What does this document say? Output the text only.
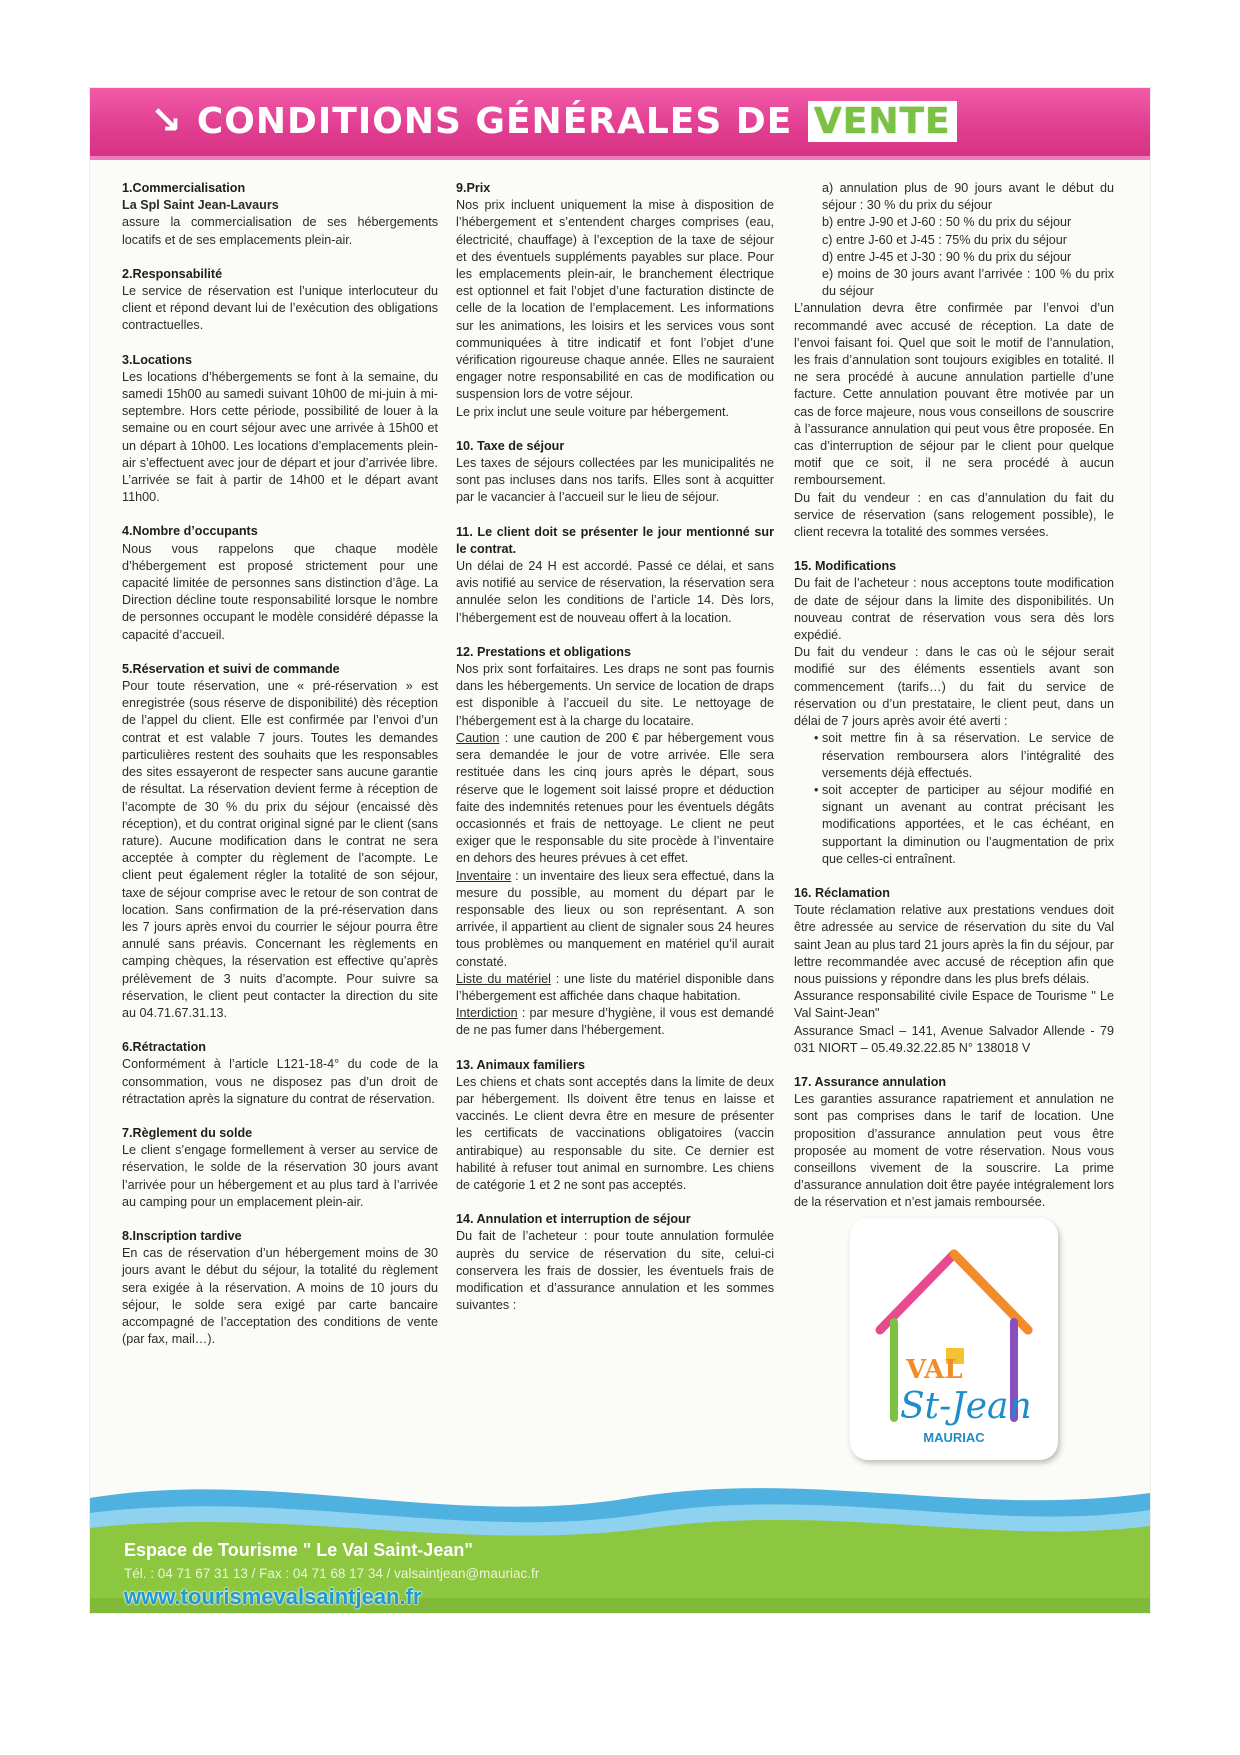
↘ CONDITIONS GÉNÉRALES DE VENTE

1.Commercialisation

La Spl Saint Jean-Lavaurs

assure la commercialisation de ses hébergements locatifs et de ses emplacements plein-air.

2.Responsabilité

Le service de réservation est l’unique interlocuteur du client et répond devant lui de l’exécution des obligations contractuelles.

3.Locations

Les locations d’hébergements se font à la semaine, du samedi 15h00 au samedi suivant 10h00 de mi-juin à mi-septembre. Hors cette période, possibilité de louer à la semaine ou en court séjour avec une arrivée à 15h00 et un départ à 10h00. Les locations d’emplacements plein-air s’effectuent avec jour de départ et jour d’arrivée libre. L’arrivée se fait à partir de 14h00 et le départ avant 11h00.

4.Nombre d’occupants

Nous vous rappelons que chaque modèle d’hébergement est proposé strictement pour une capacité limitée de personnes sans distinction d’âge. La Direction décline toute responsabilité lorsque le nombre de personnes occupant le modèle considéré dépasse la capacité d’accueil.

5.Réservation et suivi de commande

Pour toute réservation, une « pré-réservation » est enregistrée (sous réserve de disponibilité) dès réception de l’appel du client. Elle est confirmée par l’envoi d’un contrat et est valable 7 jours. Toutes les demandes particulières restent des souhaits que les responsables des sites essayeront de respecter sans aucune garantie de résultat. La réservation devient ferme à réception de l’acompte de 30 % du prix du séjour (encaissé dès réception), et du contrat original signé par le client (sans rature). Aucune modification dans le contrat ne sera acceptée à compter du règlement de l’acompte. Le client peut également régler la totalité de son séjour, taxe de séjour comprise avec le retour de son contrat de location. Sans confirmation de la pré-réservation dans les 7 jours après envoi du courrier le séjour pourra être annulé sans préavis. Concernant les règlements en camping chèques, la réservation est effective qu’après prélèvement de 3 nuits d’acompte. Pour suivre sa réservation, le client peut contacter la direction du site au 04.71.67.31.13.

6.Rétractation

Conformément à l’article L121-18-4° du code de la consommation, vous ne disposez pas d’un droit de rétractation après la signature du contrat de réservation.

7.Règlement du solde

Le client s’engage formellement à verser au service de réservation, le solde de la réservation 30 jours avant l’arrivée pour un hébergement et au plus tard à l’arrivée au camping pour un emplacement plein-air.

8.Inscription tardive

En cas de réservation d’un hébergement moins de 30 jours avant le début du séjour, la totalité du règlement sera exigée à la réservation. A moins de 10 jours du séjour, le solde sera exigé par carte bancaire accompagné de l’acceptation des conditions de vente (par fax, mail…).

9.Prix

Nos prix incluent uniquement la mise à disposition de l’hébergement et s’entendent charges comprises (eau, électricité, chauffage) à l’exception de la taxe de séjour et des éventuels suppléments payables sur place. Pour les emplacements plein-air, le branchement électrique est optionnel et fait l’objet d’une facturation distincte de celle de la location de l’emplacement. Les informations sur les animations, les loisirs et les services vous sont communiquées à titre indicatif et font l’objet d’une vérification rigoureuse chaque année. Elles ne sauraient engager notre responsabilité en cas de modification ou suspension lors de votre séjour.

Le prix inclut une seule voiture par hébergement.

10. Taxe de séjour

Les taxes de séjours collectées par les municipalités ne sont pas incluses dans nos tarifs. Elles sont à acquitter par le vacancier à l’accueil sur le lieu de séjour.

11. Le client doit se présenter le jour mentionné sur le contrat.

Un délai de 24 H est accordé. Passé ce délai, et sans avis notifié au service de réservation, la réservation sera annulée selon les conditions de l’article 14. Dès lors, l’hébergement est de nouveau offert à la location.

12. Prestations et obligations

Nos prix sont forfaitaires. Les draps ne sont pas fournis dans les hébergements. Un service de location de draps est disponible à l’accueil du site. Le nettoyage de l’hébergement est à la charge du locataire.

Caution : une caution de 200 € par hébergement vous sera demandée le jour de votre arrivée. Elle sera restituée dans les cinq jours après le départ, sous réserve que le logement soit laissé propre et déduction faite des indemnités retenues pour les éventuels dégâts occasionnés et frais de nettoyage. Le client ne peut exiger que le responsable du site procède à l’inventaire en dehors des heures prévues à cet effet.

Inventaire : un inventaire des lieux sera effectué, dans la mesure du possible, au moment du départ par le responsable des lieux ou son représentant. A son arrivée, il appartient au client de signaler sous 24 heures tous problèmes ou manquement en matériel qu’il aurait constaté.

Liste du matériel : une liste du matériel disponible dans l’hébergement est affichée dans chaque habitation.

Interdiction : par mesure d’hygiène, il vous est demandé de ne pas fumer dans l’hébergement.

13. Animaux familiers

Les chiens et chats sont acceptés dans la limite de deux par hébergement. Ils doivent être tenus en laisse et vaccinés. Le client devra être en mesure de présenter les certificats de vaccinations obligatoires (vaccin antirabique) au responsable du site. Ce dernier est habilité à refuser tout animal en surnombre. Les chiens de catégorie 1 et 2 ne sont pas acceptés.

14. Annulation et interruption de séjour

Du fait de l’acheteur : pour toute annulation formulée auprès du service de réservation du site, celui-ci conservera les frais de dossier, les éventuels frais de modification et d’assurance annulation et les sommes suivantes :

a) annulation plus de 90 jours avant le début du séjour : 30 % du prix du séjour

b) entre J-90 et J-60 : 50 % du prix du séjour

c) entre J-60 et J-45 : 75% du prix du séjour

d) entre J-45 et J-30 : 90 % du prix du séjour

e) moins de 30 jours avant l’arrivée : 100 % du prix du séjour

L’annulation devra être confirmée par l’envoi d’un recommandé avec accusé de réception. La date de l’envoi faisant foi. Quel que soit le motif de l’annulation, les frais d’annulation sont toujours exigibles en totalité. Il ne sera procédé à aucune annulation partielle d’une facture. Cette annulation pouvant être motivée par un cas de force majeure, nous vous conseillons de souscrire à l’assurance annulation qui peut vous être proposée. En cas d’interruption de séjour par le client pour quelque motif que ce soit, il ne sera procédé à aucun remboursement.

Du fait du vendeur : en cas d’annulation du fait du service de réservation (sans relogement possible), le client recevra la totalité des sommes versées.

15. Modifications

Du fait de l’acheteur : nous acceptons toute modification de date de séjour dans la limite des disponibilités. Un nouveau contrat de réservation vous sera dès lors expédié.

Du fait du vendeur : dans le cas où le séjour serait modifié sur des éléments essentiels avant son commencement (tarifs…) du fait du service de réservation ou d’un prestataire, le client peut, dans un délai de 7 jours après avoir été averti :

• soit mettre fin à sa réservation. Le service de réservation remboursera alors l’intégralité des versements déjà effectués.

• soit accepter de participer au séjour modifié en signant un avenant au contrat précisant les modifications apportées, et le cas échéant, en supportant la diminution ou l’augmentation de prix que celles-ci entraînent.

16. Réclamation

Toute réclamation relative aux prestations vendues doit être adressée au service de réservation du site du Val saint Jean au plus tard 21 jours après la fin du séjour, par lettre recommandée avec accusé de réception afin que nous puissions y répondre dans les plus brefs délais.

Assurance responsabilité civile Espace de Tourisme " Le Val Saint-Jean"

Assurance Smacl – 141, Avenue Salvador Allende - 79 031 NIORT – 05.49.32.22.85 N° 138018 V

17. Assurance annulation

Les garanties assurance rapatriement et annulation ne sont pas comprises dans le tarif de location. Une proposition d’assurance annulation peut vous être proposée au moment de votre réservation. Nous vous conseillons vivement de la souscrire. La prime d’assurance annulation doit être payée intégralement lors de la réservation et n’est jamais remboursée.

Espace de Tourisme " Le Val Saint-Jean"
Tél. : 04 71 67 31 13 / Fax : 04 71 68 17 34 / valsaintjean@mauriac.fr
www.tourismevalsaintjean.fr
VAL
St-Jean
MAURIAC
